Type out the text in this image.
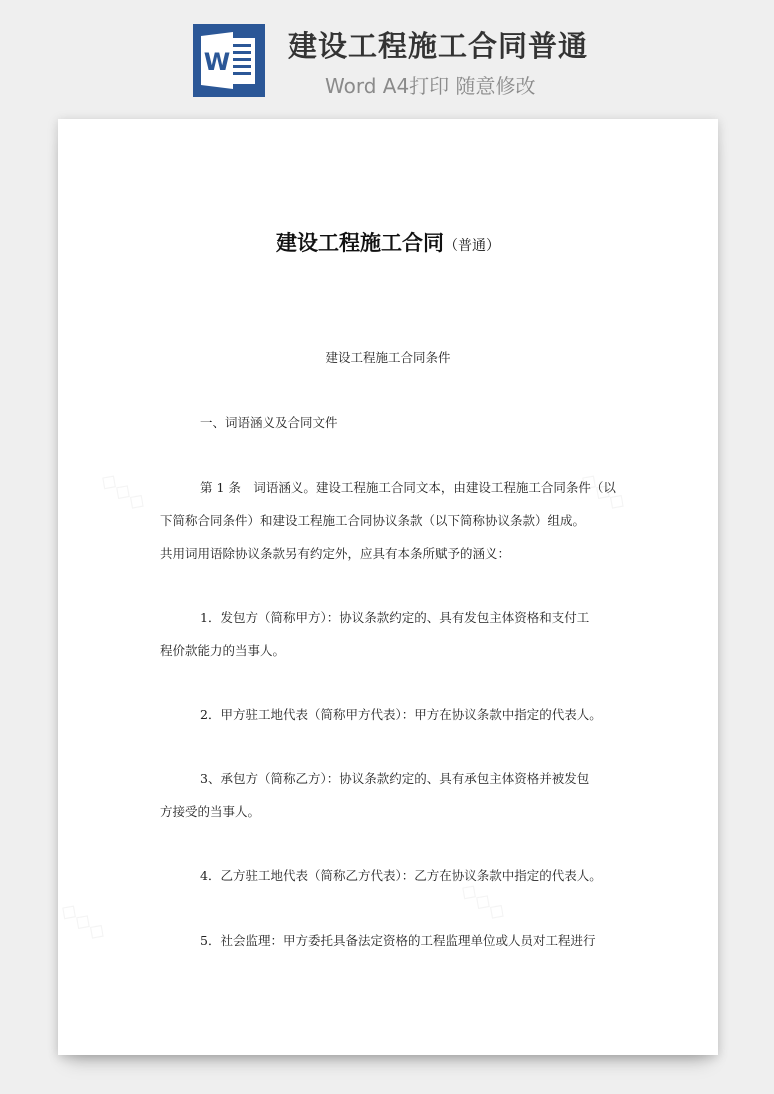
W 建设工程施工合同普通
Word A4打印 随意修改
建设工程施工合同（普通）
建设工程施工合同条件
一、词语涵义及合同文件
第 1 条　词语涵义。建设工程施工合同文本，由建设工程施工合同条件（以
下简称合同条件）和建设工程施工合同协议条款（以下简称协议条款）组成。
共用词用语除协议条款另有约定外，应具有本条所赋予的涵义：
1．发包方（简称甲方）：协议条款约定的、具有发包主体资格和支付工
程价款能力的当事人。
2．甲方驻工地代表（简称甲方代表）：甲方在协议条款中指定的代表人。
3、承包方（简称乙方）：协议条款约定的、具有承包主体资格并被发包
方接受的当事人。
4．乙方驻工地代表（简称乙方代表）：乙方在协议条款中指定的代表人。
5．社会监理：甲方委托具备法定资格的工程监理单位或人员对工程进行
